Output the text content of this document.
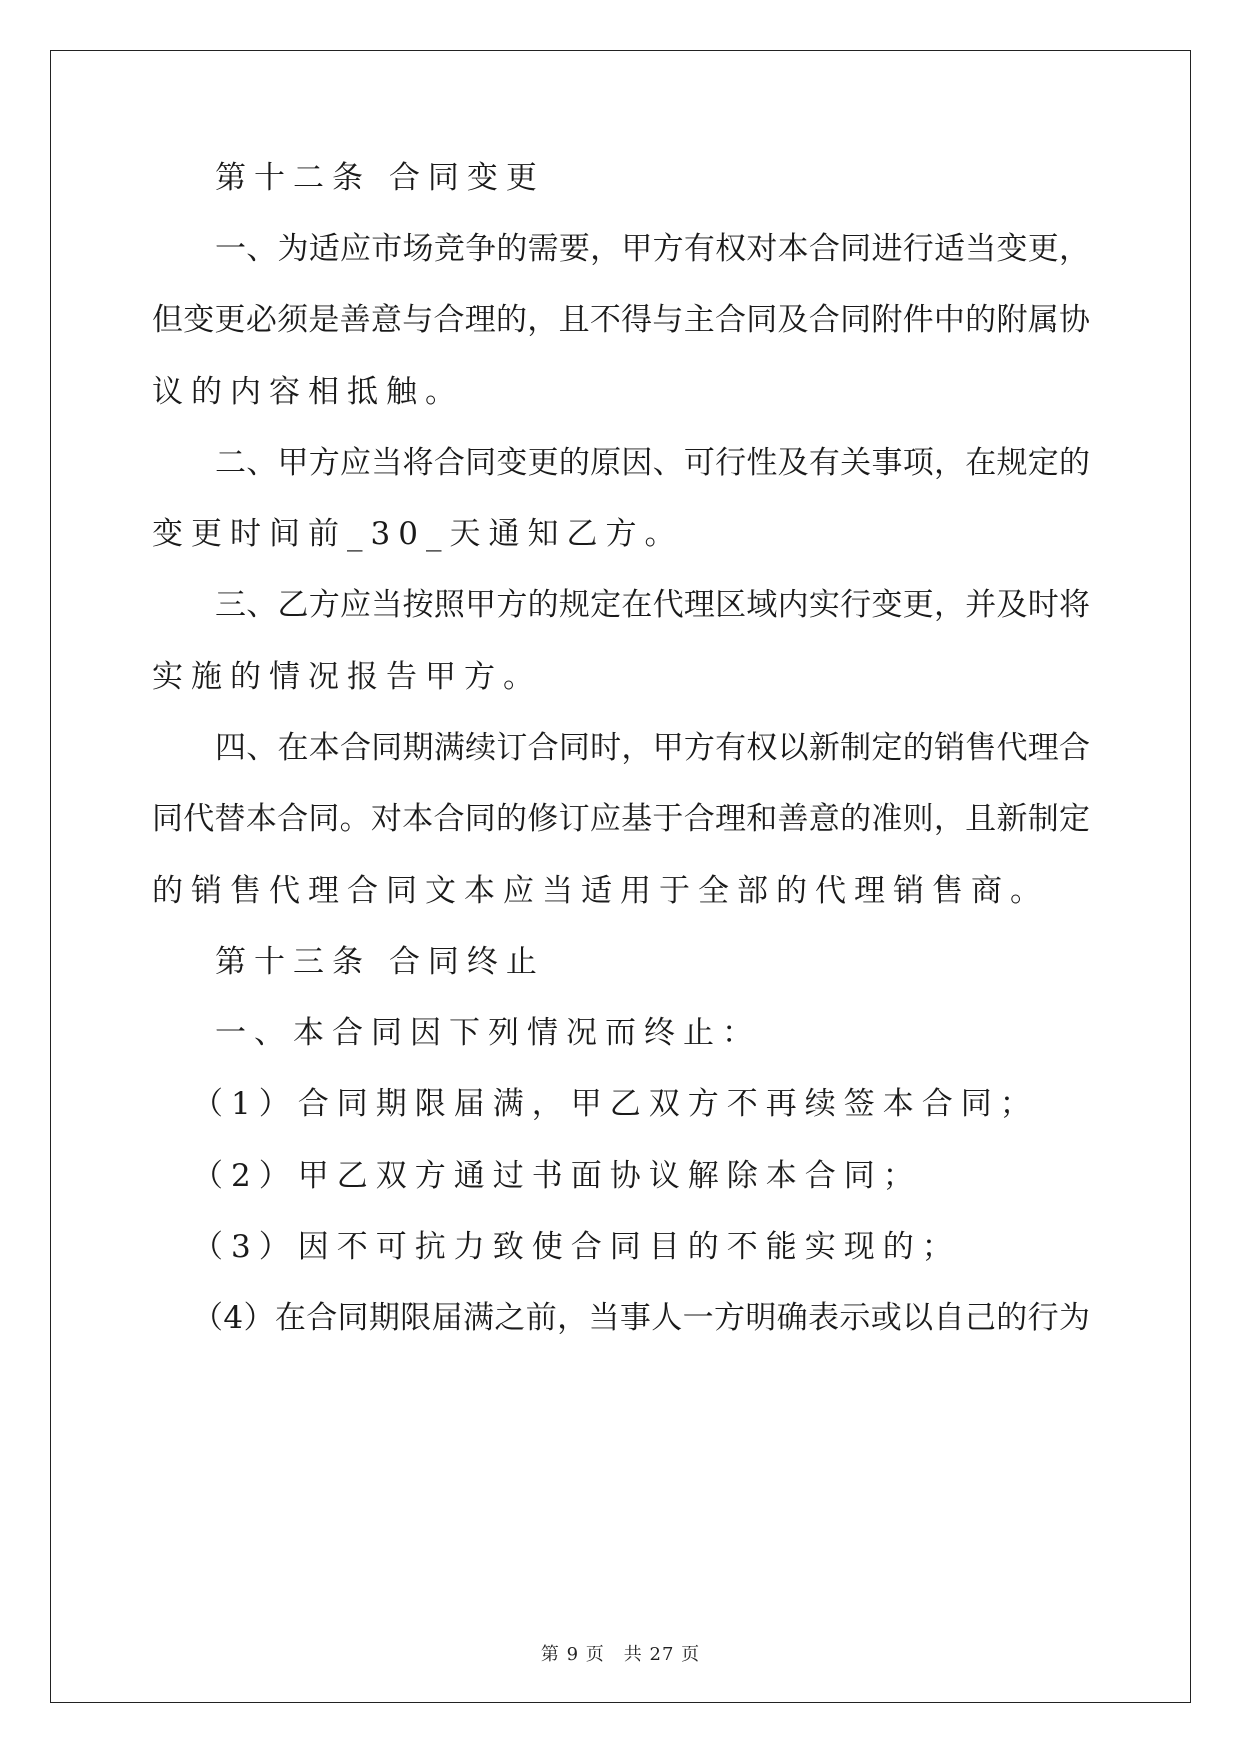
第十二条 合同变更
一、为适应市场竞争的需要，甲方有权对本合同进行适当变更，
但变更必须是善意与合理的，且不得与主合同及合同附件中的附属协
议的内容相抵触。
二、甲方应当将合同变更的原因、可行性及有关事项，在规定的
变更时间前_30_天通知乙方。
三、乙方应当按照甲方的规定在代理区域内实行变更，并及时将
实施的情况报告甲方。
四、在本合同期满续订合同时，甲方有权以新制定的销售代理合
同代替本合同。对本合同的修订应基于合理和善意的准则，且新制定
的销售代理合同文本应当适用于全部的代理销售商。
第十三条 合同终止
一、本合同因下列情况而终止：
（1）合同期限届满，甲乙双方不再续签本合同；
（2）甲乙双方通过书面协议解除本合同；
（3）因不可抗力致使合同目的不能实现的；
（4）在合同期限届满之前，当事人一方明确表示或以自己的行为
第 9 页　共 27 页
